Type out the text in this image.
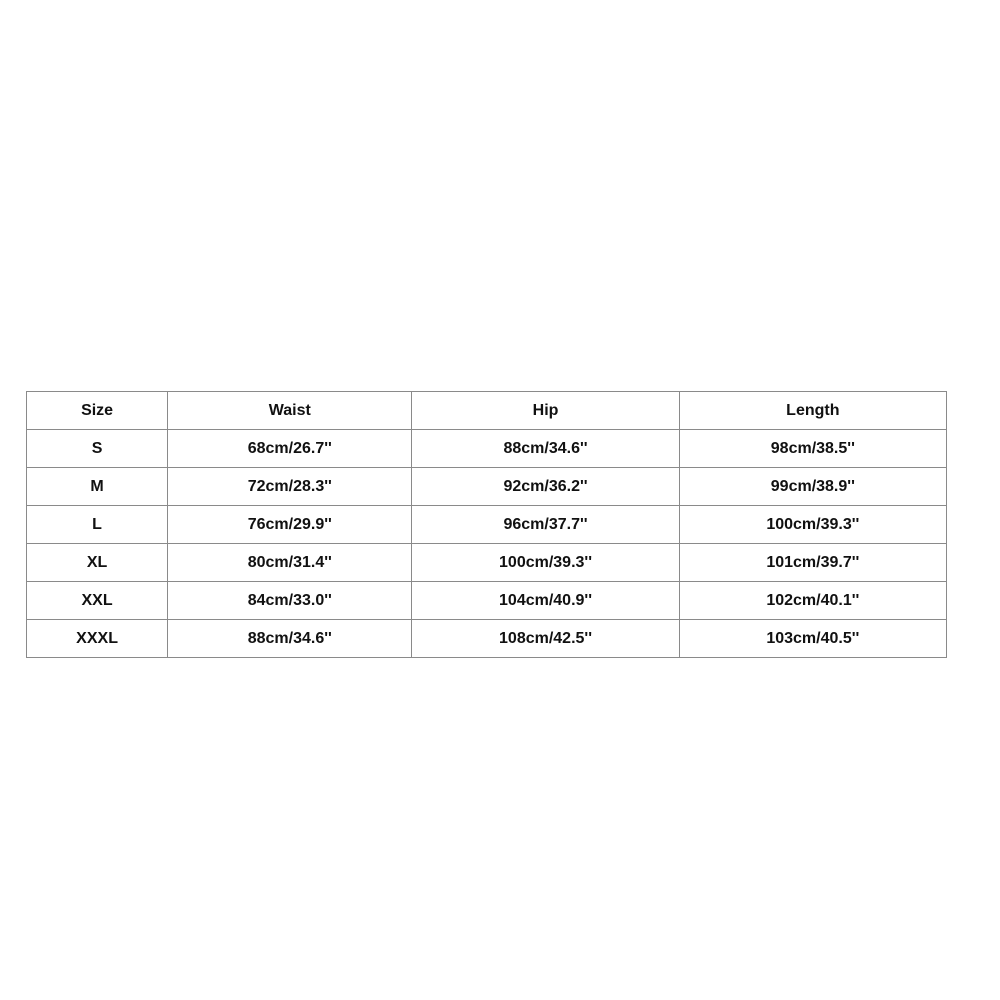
Size	Waist	Hip	Length
S	68cm/26.7''	88cm/34.6''	98cm/38.5''
M	72cm/28.3''	92cm/36.2''	99cm/38.9''
L	76cm/29.9''	96cm/37.7''	100cm/39.3''
XL	80cm/31.4''	100cm/39.3''	101cm/39.7''
XXL	84cm/33.0''	104cm/40.9''	102cm/40.1''
XXXL	88cm/34.6''	108cm/42.5''	103cm/40.5''
